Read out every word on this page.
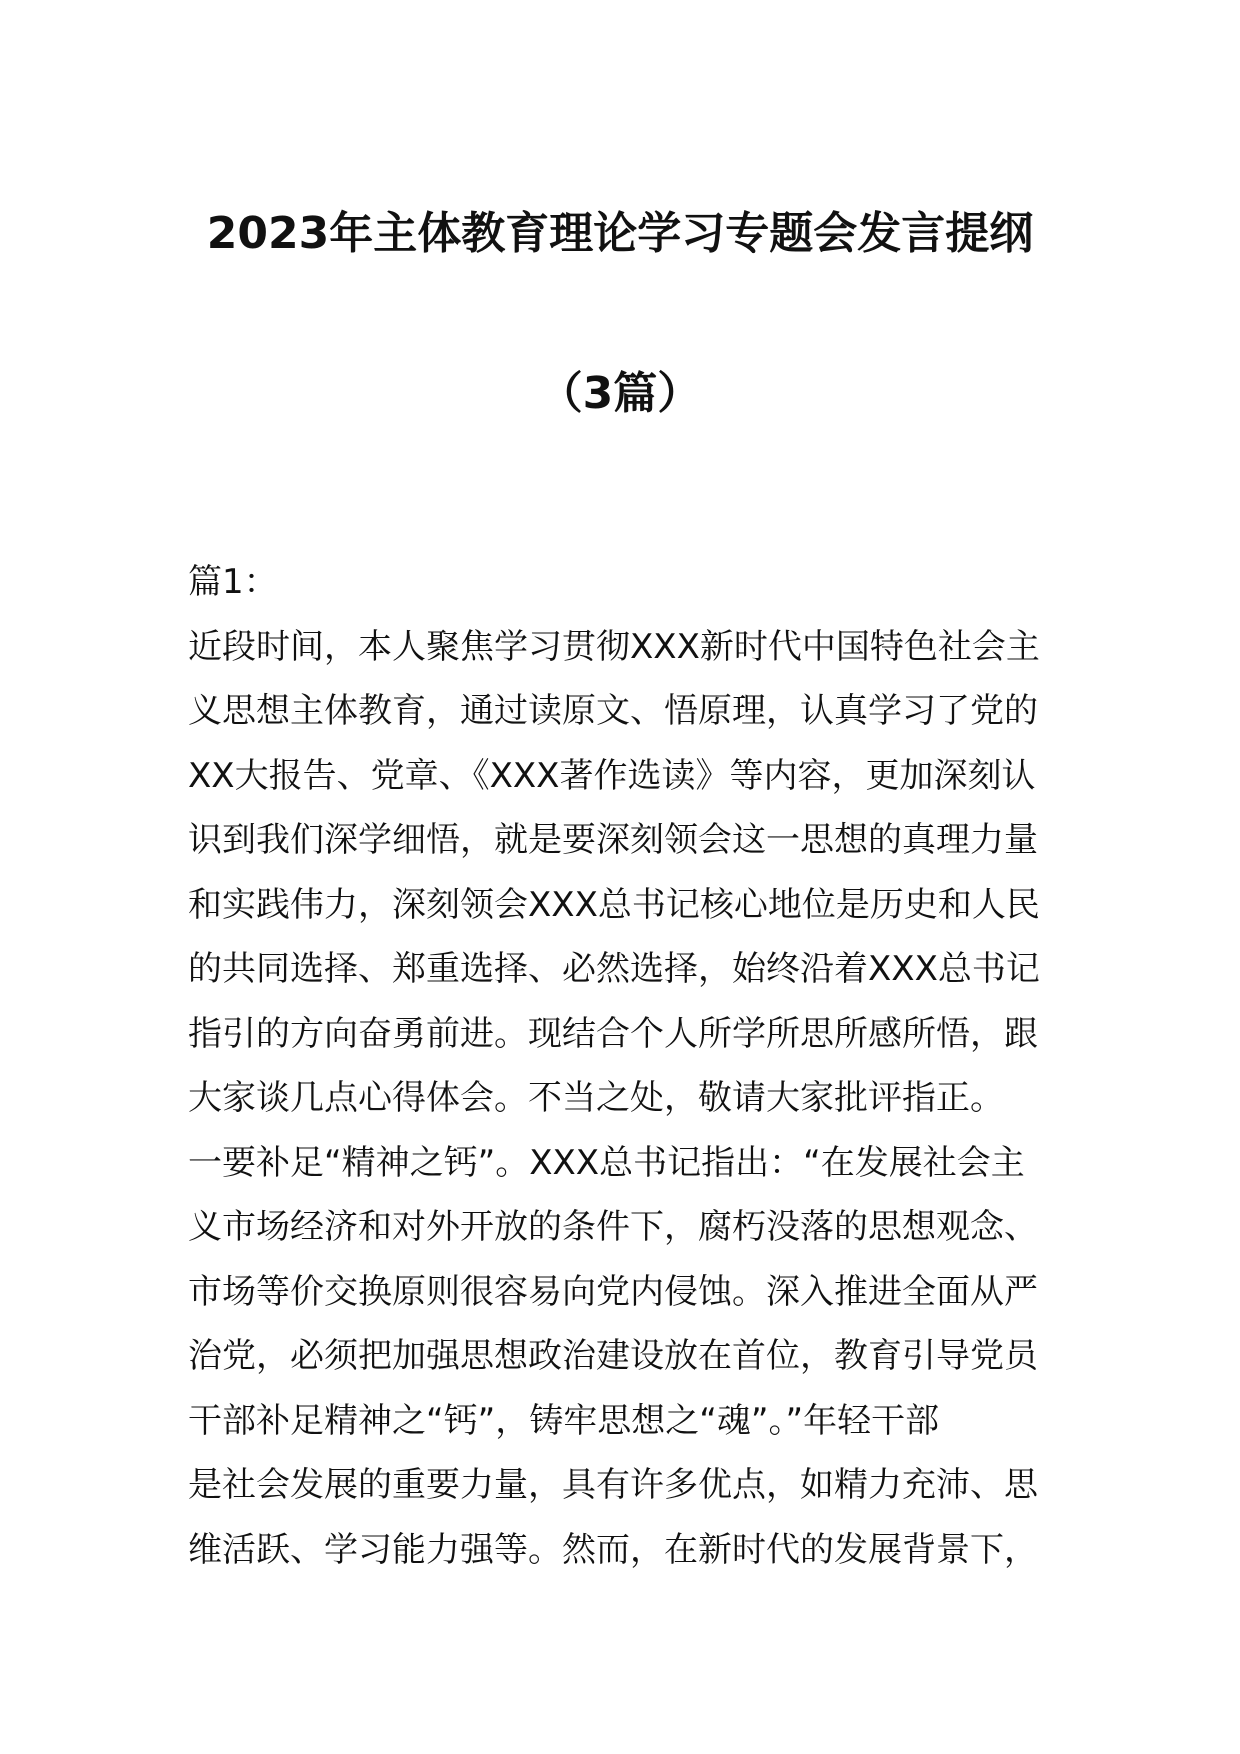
2023年主体教育理论学习专题会发言提纲
（3篇）
篇1：
近段时间，本人聚焦学习贯彻XXX新时代中国特色社会主
义思想主体教育，通过读原文、悟原理，认真学习了党的
XX大报告、党章、《XXX著作选读》等内容，更加深刻认
识到我们深学细悟，就是要深刻领会这一思想的真理力量
和实践伟力，深刻领会XXX总书记核心地位是历史和人民
的共同选择、郑重选择、必然选择，始终沿着XXX总书记
指引的方向奋勇前进。现结合个人所学所思所感所悟，跟
大家谈几点心得体会。不当之处，敬请大家批评指正。
一要补足“精神之钙”。XXX总书记指出：“在发展社会主
义市场经济和对外开放的条件下，腐朽没落的思想观念、
市场等价交换原则很容易向党内侵蚀。深入推进全面从严
治党，必须把加强思想政治建设放在首位，教育引导党员
干部补足精神之“钙”，铸牢思想之“魂”。”年轻干部
是社会发展的重要力量，具有许多优点，如精力充沛、思
维活跃、学习能力强等。然而，在新时代的发展背景下，
